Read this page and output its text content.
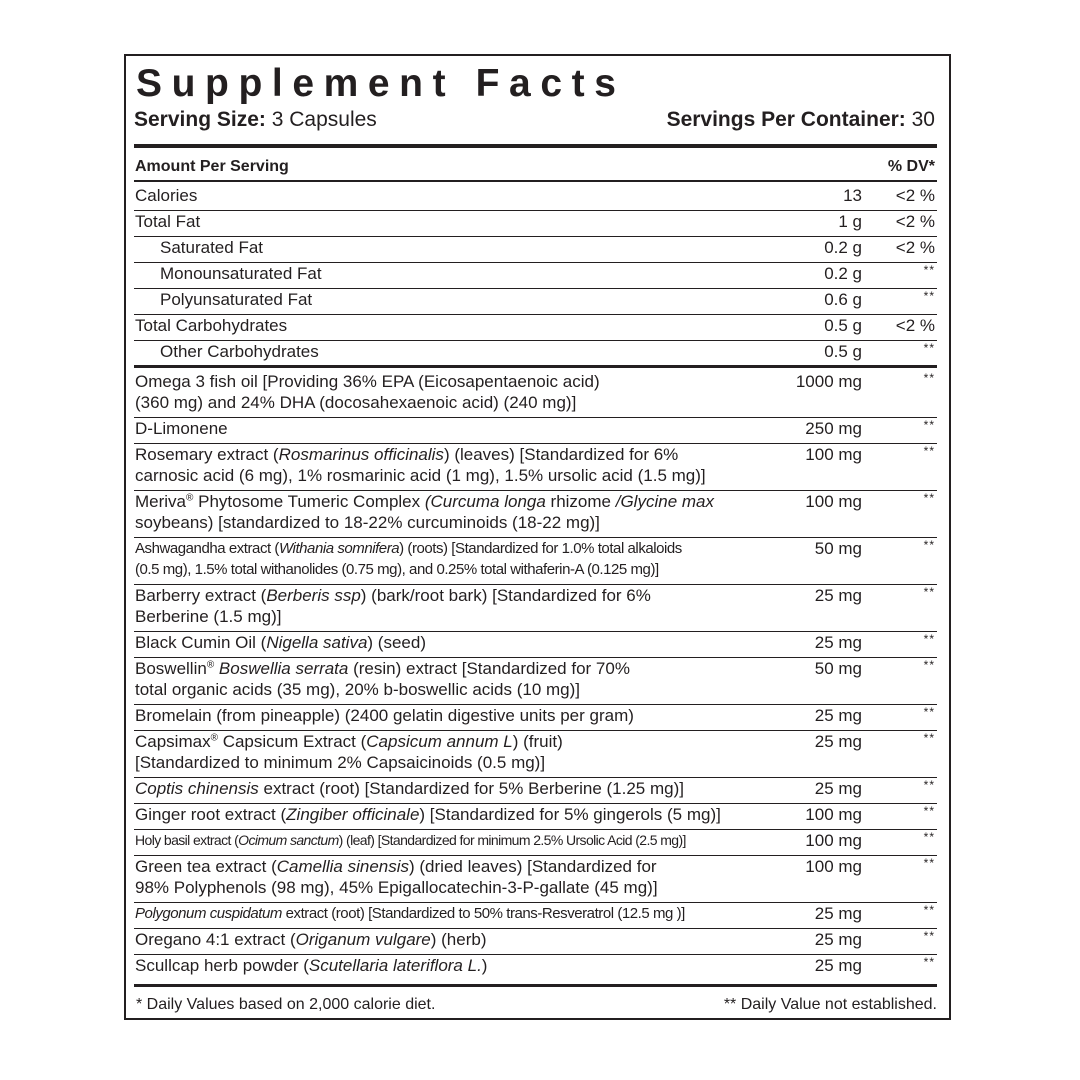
Supplement Facts
Serving Size: 3 Capsules	Servings Per Container: 30
Amount Per Serving	% DV*
Calories	13 <2 %
Total Fat	1 g <2 %
Saturated Fat	0.2 g <2 %
Monounsaturated Fat	0.2 g	**
Polyunsaturated Fat	0.6 g	**
Total Carbohydrates	0.5 g <2 %
Other Carbohydrates	0.5 g	**
Omega 3 fish oil [Providing 36% EPA (Eicosapentaenoic acid)
(360 mg) and 24% DHA (docosahexaenoic acid) (240 mg)]
1000 mg	**
D-Limonene	250 mg	**
Rosemary extract (Rosmarinus officinalis) (leaves) [Standardized for 6%
carnosic acid (6 mg), 1% rosmarinic acid (1 mg), 1.5% ursolic acid (1.5 mg)]
100 mg	**
Meriva® Phytosome Tumeric Complex (Curcuma longa rhizome /Glycine max
soybeans) [standardized to 18-22% curcuminoids (18-22 mg)]
100 mg	**
Ashwagandha extract (Withania somnifera) (roots) [Standardized for 1.0% total alkaloids
(0.5 mg), 1.5% total withanolides (0.75 mg), and 0.25% total withaferin-A (0.125 mg)]
50 mg	**
Barberry extract (Berberis ssp) (bark/root bark) [Standardized for 6%
Berberine (1.5 mg)]
25 mg	**
Black Cumin Oil (Nigella sativa) (seed)	25 mg	**
Boswellin® Boswellia serrata (resin) extract [Standardized for 70%
total organic acids (35 mg), 20% b-boswellic acids (10 mg)]
50 mg	**
Bromelain (from pineapple) (2400 gelatin digestive units per gram)	25 mg	**
Capsimax® Capsicum Extract (Capsicum annum L) (fruit)
[Standardized to minimum 2% Capsaicinoids (0.5 mg)]
25 mg	**
Coptis chinensis extract (root) [Standardized for 5% Berberine (1.25 mg)]	25 mg	**
Ginger root extract (Zingiber officinale) [Standardized for 5% gingerols (5 mg)]	100 mg	**
Holy basil extract (Ocimum sanctum) (leaf) [Standardized for minimum 2.5% Ursolic Acid (2.5 mg)]	100 mg	**
Green tea extract (Camellia sinensis) (dried leaves) [Standardized for
98% Polyphenols (98 mg), 45% Epigallocatechin-3-P-gallate (45 mg)]
100 mg	**
Polygonum cuspidatum extract (root) [Standardized to 50% trans-Resveratrol (12.5 mg )]	25 mg	**
Oregano 4:1 extract (Origanum vulgare) (herb)	25 mg	**
Scullcap herb powder (Scutellaria lateriflora L.)	25 mg	**
* Daily Values based on 2,000 calorie diet.	** Daily Value not established.
